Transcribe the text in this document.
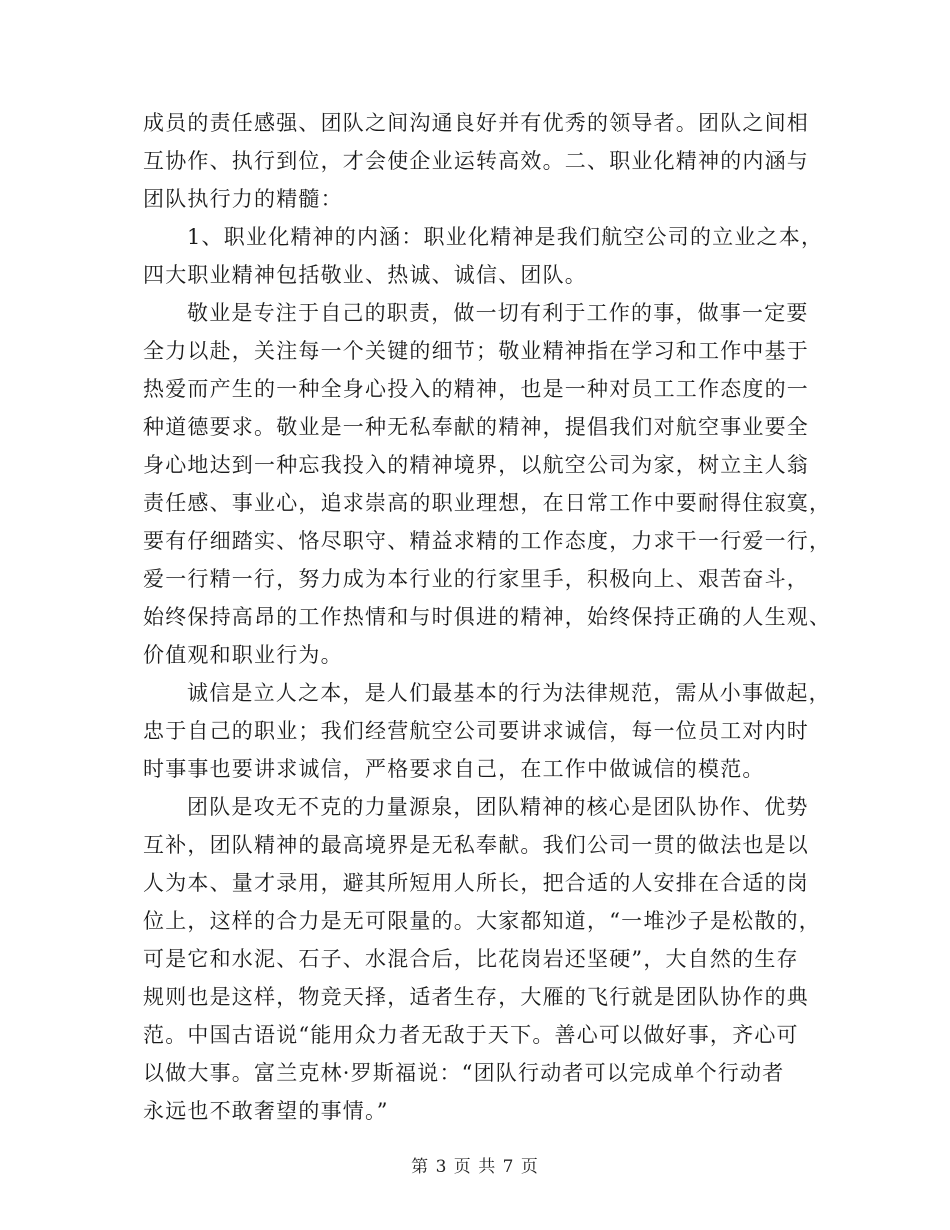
成员的责任感强、团队之间沟通良好并有优秀的领导者。团队之间相
互协作、执行到位，才会使企业运转高效。二、职业化精神的内涵与
团队执行力的精髓：
1、职业化精神的内涵：职业化精神是我们航空公司的立业之本，
四大职业精神包括敬业、热诚、诚信、团队。
敬业是专注于自己的职责，做一切有利于工作的事，做事一定要
全力以赴，关注每一个关键的细节；敬业精神指在学习和工作中基于
热爱而产生的一种全身心投入的精神，也是一种对员工工作态度的一
种道德要求。敬业是一种无私奉献的精神，提倡我们对航空事业要全
身心地达到一种忘我投入的精神境界，以航空公司为家，树立主人翁
责任感、事业心，追求崇高的职业理想，在日常工作中要耐得住寂寞，
要有仔细踏实、恪尽职守、精益求精的工作态度，力求干一行爱一行，
爱一行精一行，努力成为本行业的行家里手，积极向上、艰苦奋斗，
始终保持高昂的工作热情和与时俱进的精神，始终保持正确的人生观、
价值观和职业行为。
诚信是立人之本，是人们最基本的行为法律规范，需从小事做起，
忠于自己的职业；我们经营航空公司要讲求诚信，每一位员工对内时
时事事也要讲求诚信，严格要求自己，在工作中做诚信的模范。
团队是攻无不克的力量源泉，团队精神的核心是团队协作、优势
互补，团队精神的最高境界是无私奉献。我们公司一贯的做法也是以
人为本、量才录用，避其所短用人所长，把合适的人安排在合适的岗
位上，这样的合力是无可限量的。大家都知道，“一堆沙子是松散的，
可是它和水泥、石子、水混合后，比花岗岩还坚硬”，大自然的生存
规则也是这样，物竞天择，适者生存，大雁的飞行就是团队协作的典
范。中国古语说“能用众力者无敌于天下。善心可以做好事，齐心可
以做大事。富兰克林·罗斯福说：“团队行动者可以完成单个行动者
永远也不敢奢望的事情。”
第 3 页 共 7 页
